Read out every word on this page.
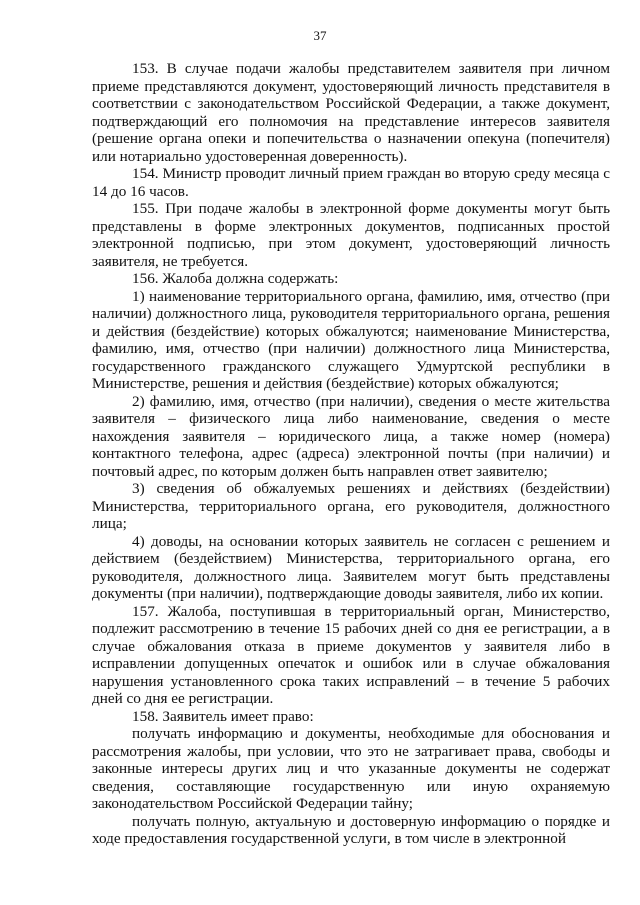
37

153. В случае подачи жалобы представителем заявителя при личном приеме представляются документ, удостоверяющий личность представителя в соответствии с законодательством Российской Федерации, а также документ, подтверждающий его полномочия на представление интересов заявителя (решение органа опеки и попечительства о назначении опекуна (попечителя) или нотариально удостоверенная доверенность).

154. Министр проводит личный прием граждан во вторую среду месяца с 14 до 16 часов.

155. При подаче жалобы в электронной форме документы могут быть представлены в форме электронных документов, подписанных простой электронной подписью, при этом документ, удостоверяющий личность заявителя, не требуется.

156. Жалоба должна содержать:

1) наименование территориального органа, фамилию, имя, отчество (при наличии) должностного лица, руководителя территориального органа, решения и действия (бездействие) которых обжалуются; наименование Министерства, фамилию, имя, отчество (при наличии) должностного лица Министерства, государственного гражданского служащего Удмуртской республики в Министерстве, решения и действия (бездействие) которых обжалуются;

2) фамилию, имя, отчество (при наличии), сведения о месте жительства заявителя – физического лица либо наименование, сведения о месте нахождения заявителя – юридического лица, а также номер (номера) контактного телефона, адрес (адреса) электронной почты (при наличии) и почтовый адрес, по которым должен быть направлен ответ заявителю;

3) сведения об обжалуемых решениях и действиях (бездействии) Министерства, территориального органа, его руководителя, должностного лица;

4) доводы, на основании которых заявитель не согласен с решением и действием (бездействием) Министерства, территориального органа, его руководителя, должностного лица. Заявителем могут быть представлены документы (при наличии), подтверждающие доводы заявителя, либо их копии.

157. Жалоба, поступившая в территориальный орган, Министерство, подлежит рассмотрению в течение 15 рабочих дней со дня ее регистрации, а в случае обжалования отказа в приеме документов у заявителя либо в исправлении допущенных опечаток и ошибок или в случае обжалования нарушения установленного срока таких исправлений – в течение 5 рабочих дней со дня ее регистрации.

158. Заявитель имеет право:

получать информацию и документы, необходимые для обоснования и рассмотрения жалобы, при условии, что это не затрагивает права, свободы и законные интересы других лиц и что указанные документы не содержат сведения, составляющие государственную или иную охраняемую законодательством Российской Федерации тайну;

получать полную, актуальную и достоверную информацию о порядке и ходе предоставления государственной услуги, в том числе в электронной
